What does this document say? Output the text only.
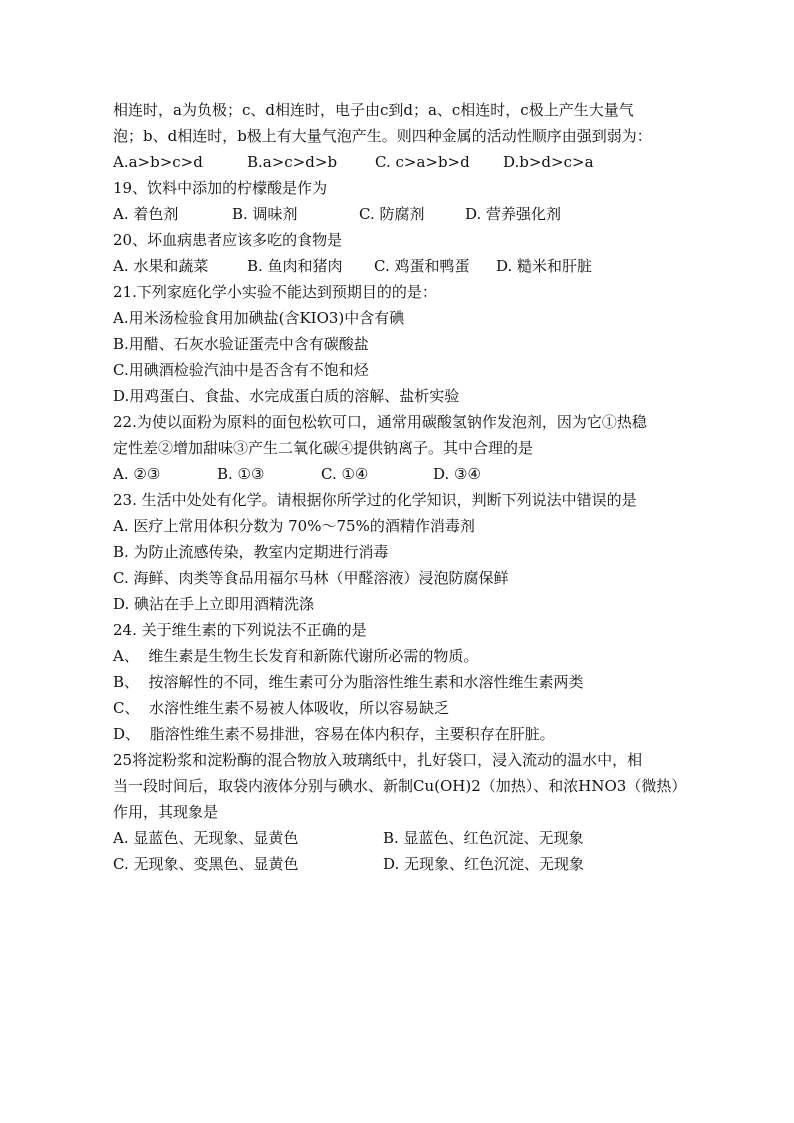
相连时，a为负极；c、d相连时，电子由c到d；a、c相连时，c极上产生大量气
泡；b、d相连时，b极上有大量气泡产生。则四种金属的活动性顺序由强到弱为：
A.a>b>c>d	B.a>c>d>b	C. c>a>b>d D.b>d>c>a
19、饮料中添加的柠檬酸是作为
A. 着色剂	B. 调味剂	C. 防腐剂	D. 营养强化剂
20、坏血病患者应该多吃的食物是
A. 水果和蔬菜	B. 鱼肉和猪肉 C. 鸡蛋和鸭蛋 D. 糙米和肝脏
21.下列家庭化学小实验不能达到预期目的的是：
A.用米汤检验食用加碘盐(含KIO3)中含有碘
B.用醋、石灰水验证蛋壳中含有碳酸盐
C.用碘酒检验汽油中是否含有不饱和烃
D.用鸡蛋白、食盐、水完成蛋白质的溶解、盐析实验
22.为使以面粉为原料的面包松软可口，通常用碳酸氢钠作发泡剂，因为它①热稳
定性差②增加甜味③产生二氧化碳④提供钠离子。其中合理的是
A. ②③	B. ①③	C. ①④	D. ③④
23. 生活中处处有化学。请根据你所学过的化学知识，判断下列说法中错误的是
A. 医疗上常用体积分数为 70%～75%的酒精作消毒剂
B. 为防止流感传染，教室内定期进行消毒
C. 海鲜、肉类等食品用福尔马林（甲醛溶液）浸泡防腐保鲜
D. 碘沾在手上立即用酒精洗涤
24. 关于维生素的下列说法不正确的是
A、  维生素是生物生长发育和新陈代谢所必需的物质。
B、  按溶解性的不同，维生素可分为脂溶性维生素和水溶性维生素两类
C、  水溶性维生素不易被人体吸收，所以容易缺乏
D、  脂溶性维生素不易排泄，容易在体内积存，主要积存在肝脏。
25将淀粉浆和淀粉酶的混合物放入玻璃纸中，扎好袋口，浸入流动的温水中，相
当一段时间后，取袋内液体分别与碘水、新制Cu(OH)2（加热）、和浓HNO3（微热）
作用，其现象是
A. 显蓝色、无现象、显黄色	B. 显蓝色、红色沉淀、无现象
C. 无现象、变黑色、显黄色	D. 无现象、红色沉淀、无现象
